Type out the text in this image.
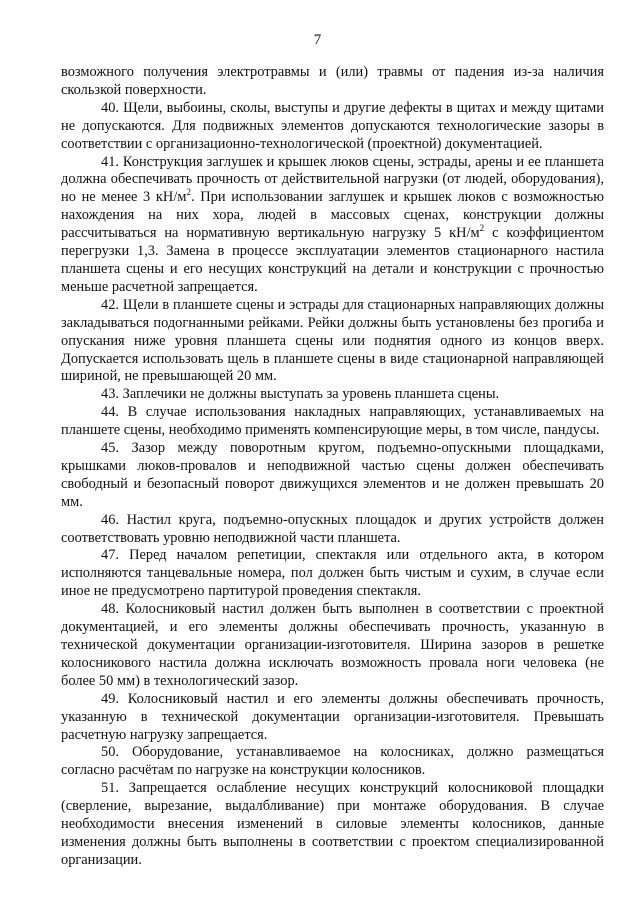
7

возможного получения электротравмы и (или) травмы от падения из-за наличия скользкой поверхности.

40. Щели, выбоины, сколы, выступы и другие дефекты в щитах и между щитами не допускаются. Для подвижных элементов допускаются технологические зазоры в соответствии с организационно-технологической (проектной) документацией.

41. Конструкция заглушек и крышек люков сцены, эстрады, арены и ее планшета должна обеспечивать прочность от действительной нагрузки (от людей, оборудования), но не менее 3 $кН/м^2$. При использовании заглушек и крышек люков с возможностью нахождения на них хора, людей в массовых сценах, конструкции должны рассчитываться на нормативную вертикальную нагрузку 5 $кН/м^2$ с коэффициентом перегрузки 1,3. Замена в процессе эксплуатации элементов стационарного настила планшета сцены и его несущих конструкций на детали и конструкции с прочностью меньше расчетной запрещается.

42. Щели в планшете сцены и эстрады для стационарных направляющих должны закладываться подогнанными рейками. Рейки должны быть установлены без прогиба и опускания ниже уровня планшета сцены или поднятия одного из концов вверх. Допускается использовать щель в планшете сцены в виде стационарной направляющей шириной, не превышающей 20 мм.

43. Заплечики не должны выступать за уровень планшета сцены.

44. В случае использования накладных направляющих, устанавливаемых на планшете сцены, необходимо применять компенсирующие меры, в том числе, пандусы.

45. Зазор между поворотным кругом, подъемно-опускными площадками, крышками люков-провалов и неподвижной частью сцены должен обеспечивать свободный и безопасный поворот движущихся элементов и не должен превышать 20 мм.

46. Настил круга, подъемно-опускных площадок и других устройств должен соответствовать уровню неподвижной части планшета.

47. Перед началом репетиции, спектакля или отдельного акта, в котором исполняются танцевальные номера, пол должен быть чистым и сухим, в случае если иное не предусмотрено партитурой проведения спектакля.

48. Колосниковый настил должен быть выполнен в соответствии с проектной документацией, и его элементы должны обеспечивать прочность, указанную в технической документации организации-изготовителя. Ширина зазоров в решетке колосникового настила должна исключать возможность провала ноги человека (не более 50 мм) в технологический зазор.

49. Колосниковый настил и его элементы должны обеспечивать прочность, указанную в технической документации организации-изготовителя. Превышать расчетную нагрузку запрещается.

50. Оборудование, устанавливаемое на колосниках, должно размещаться согласно расчётам по нагрузке на конструкции колосников.

51. Запрещается ослабление несущих конструкций колосниковой площадки (сверление, вырезание, выдалбливание) при монтаже оборудования. В случае необходимости внесения изменений в силовые элементы колосников, данные изменения должны быть выполнены в соответствии с проектом специализированной организации.
